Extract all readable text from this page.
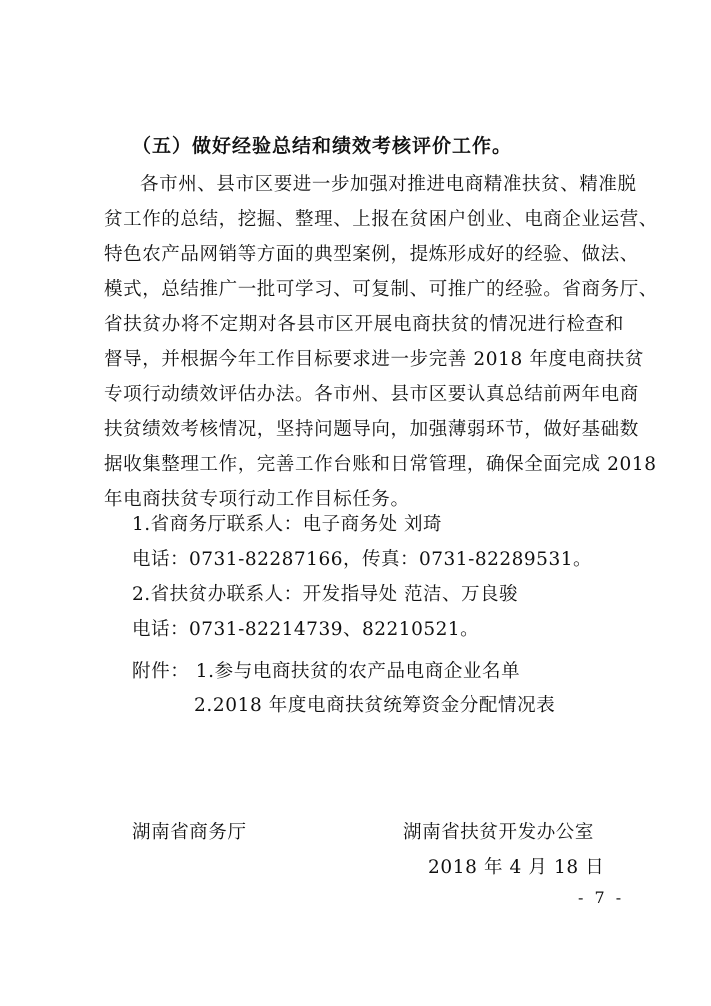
（五）做好经验总结和绩效考核评价工作。
各市州、县市区要进一步加强对推进电商精准扶贫、精准脱
贫工作的总结，挖掘、整理、上报在贫困户创业、电商企业运营、
特色农产品网销等方面的典型案例，提炼形成好的经验、做法、
模式，总结推广一批可学习、可复制、可推广的经验。省商务厅、
省扶贫办将不定期对各县市区开展电商扶贫的情况进行检查和
督导，并根据今年工作目标要求进一步完善 2018 年度电商扶贫
专项行动绩效评估办法。各市州、县市区要认真总结前两年电商
扶贫绩效考核情况，坚持问题导向，加强薄弱环节，做好基础数
据收集整理工作，完善工作台账和日常管理，确保全面完成 2018
年电商扶贫专项行动工作目标任务。
1.省商务厅联系人：电子商务处 刘琦
电话：0731-82287166，传真：0731-82289531。
2.省扶贫办联系人：开发指导处 范洁、万良骏
电话：0731-82214739、82210521。
附件： 1.参与电商扶贫的农产品电商企业名单
2.2018 年度电商扶贫统筹资金分配情况表
湖南省商务厅	湖南省扶贫开发办公室
2018 年 4 月 18 日
- 7 -
